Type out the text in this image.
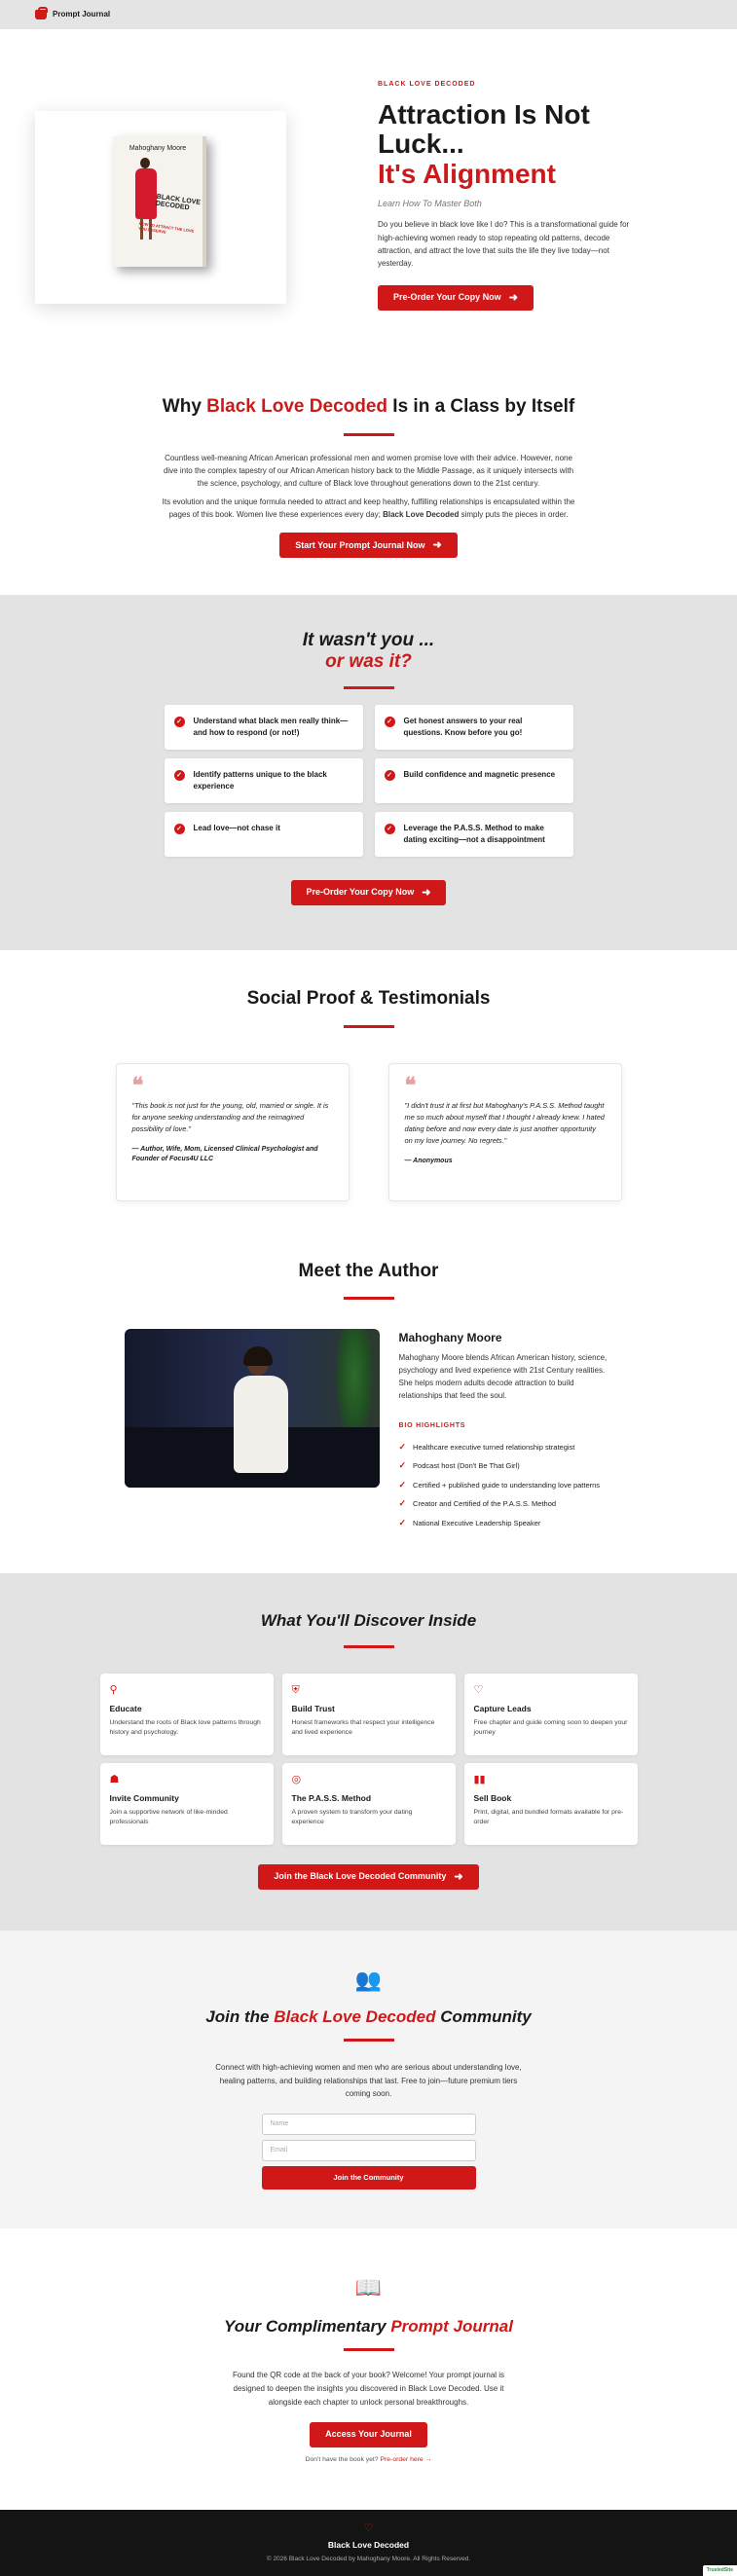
Prompt Journal
Mahoghany Moore
BLACK LOVE DECODED
HOW TO ATTRACT THE LOVE YOU DESERVE
BLACK LOVE DECODED
Attraction Is Not Luck...
It's Alignment
Learn How To Master Both
Do you believe in black love like I do? This is a transformational guide for high-achieving women ready to stop repeating old patterns, decode attraction, and attract the love that suits the life they live today—not yesterday.
Pre-Order Your Copy Now ➜
Why Black Love Decoded Is in a Class by Itself

Countless well-meaning African American professional men and women promise love with their advice. However, none dive into the complex tapestry of our African American history back to the Middle Passage, as it uniquely intersects with the science, psychology, and culture of Black love throughout generations down to the 21st century.

Its evolution and the unique formula needed to attract and keep healthy, fulfilling relationships is encapsulated within the pages of this book. Women live these experiences every day; Black Love Decoded simply puts the pieces in order.

Start Your Prompt Journal Now ➜
It wasn't you ...
or was it?
✓	Understand what black men really think—and how to respond (or not!)
✓	Get honest answers to your real questions. Know before you go!
✓	Identify patterns unique to the black experience
✓	Build confidence and magnetic presence
✓	Lead love—not chase it	✓	Leverage the P.A.S.S. Method to make dating exciting—not a disappointment
Pre-Order Your Copy Now ➜
Social Proof & Testimonials
❝
"This book is not just for the young, old, married or single. It is for anyone seeking understanding and the reimagined possibility of love."
— Author, Wife, Mom, Licensed Clinical Psychologist and Founder of Focus4U LLC
❝
"I didn't trust it at first but Mahoghany's P.A.S.S. Method taught me so much about myself that I thought I already knew. I hated dating before and now every date is just another opportunity on my love journey. No regrets."
— Anonymous
Meet the Author
Mahoghany Moore
Mahoghany Moore blends African American history, science, psychology and lived experience with 21st Century realities. She helps modern adults decode attraction to build relationships that feed the soul.
BIO HIGHLIGHTS
✓ Healthcare executive turned relationship strategist
✓ Podcast host (Don't Be That Girl)
✓ Certified + published guide to understanding love patterns
✓ Creator and Certified of the P.A.S.S. Method
✓ National Executive Leadership Speaker
What You'll Discover Inside
⚲
Educate
Understand the roots of Black love patterns through history and psychology.
⛨
Build Trust
Honest frameworks that respect your intelligence and lived experience
♡
Capture Leads
Free chapter and guide coming soon to deepen your journey
☗
Invite Community
Join a supportive network of like-minded professionals
◎
The P.A.S.S. Method
A proven system to transform your dating experience
▮▮
Sell Book
Print, digital, and bundled formats available for pre-order
Join the Black Love Decoded Community ➜
👥
Join the Black Love Decoded Community

Connect with high-achieving women and men who are serious about understanding love, healing patterns, and building relationships that last. Free to join—future premium tiers coming soon.

Name
Email
Join the Community
📖
Your Complimentary Prompt Journal

Found the QR code at the back of your book? Welcome! Your prompt journal is designed to deepen the insights you discovered in Black Love Decoded. Use it alongside each chapter to unlock personal breakthroughs.

Access Your Journal
Don't have the book yet? Pre-order here →
♡
Black Love Decoded
© 2026 Black Love Decoded by Mahoghany Moore. All Rights Reserved.
TrustedSite
